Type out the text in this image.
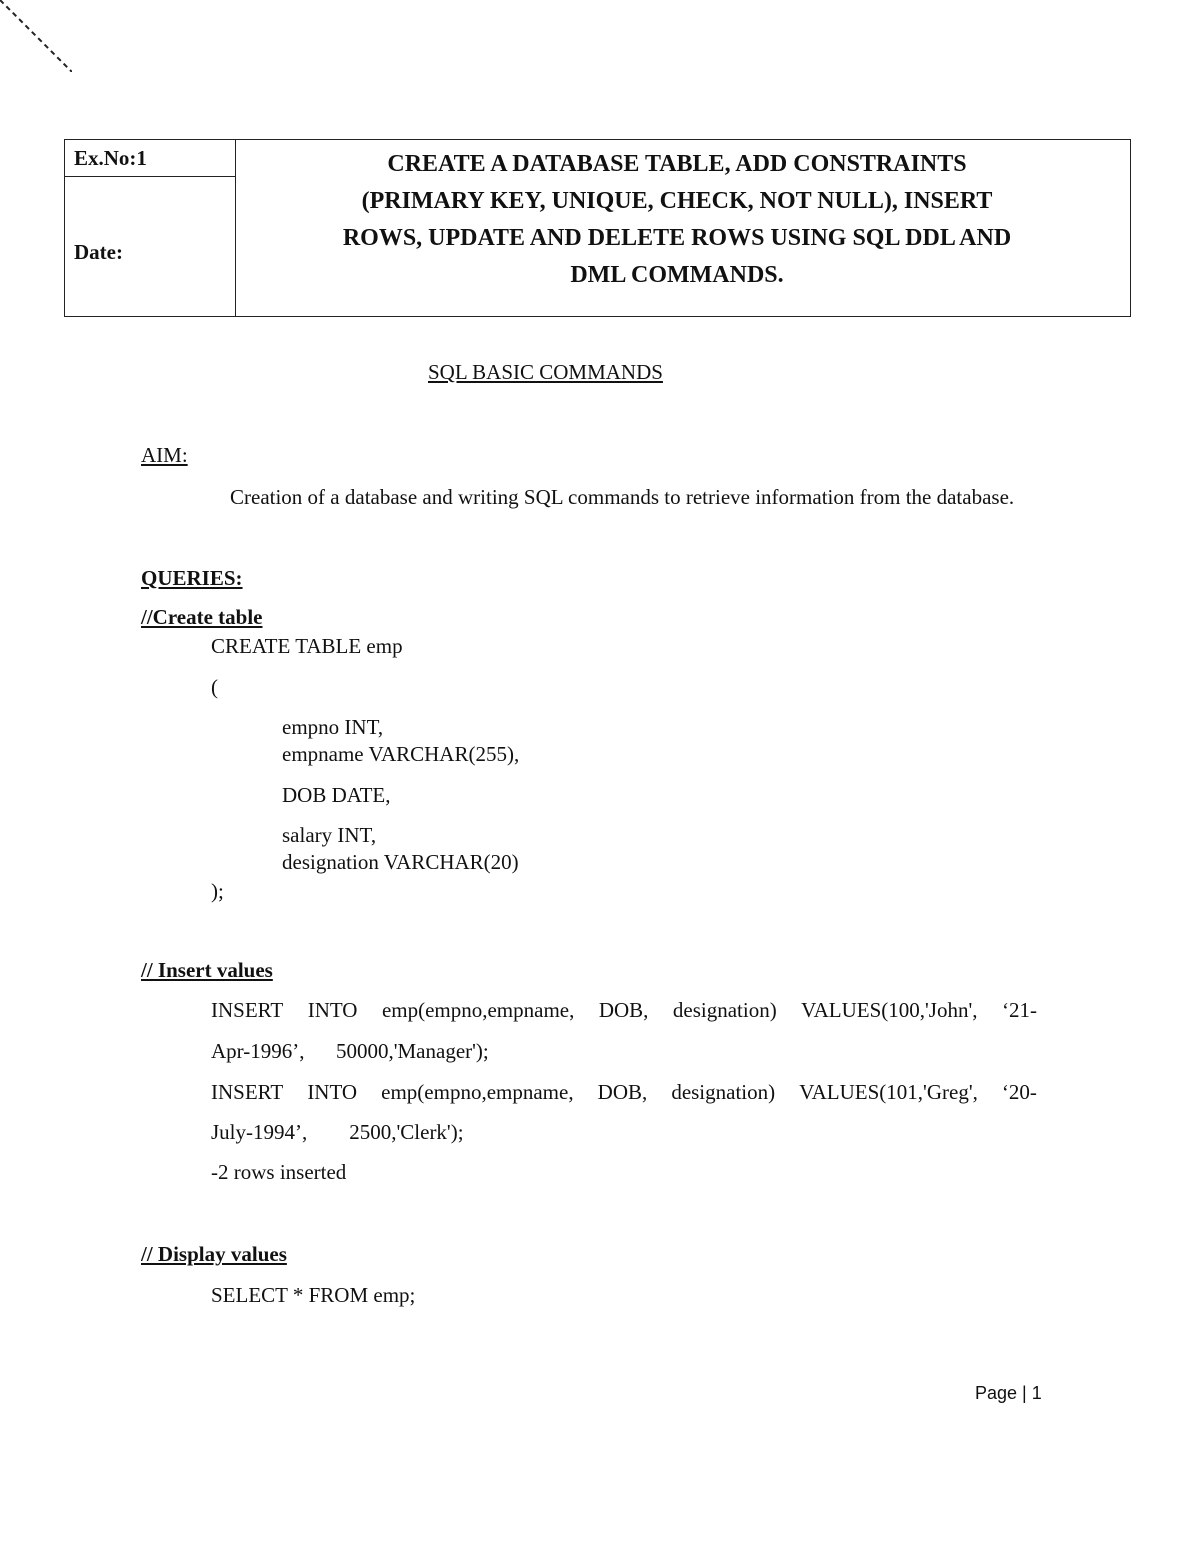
Ex.No:1
Date:
CREATE A DATABASE TABLE, ADD CONSTRAINTS
(PRIMARY KEY, UNIQUE, CHECK, NOT NULL), INSERT
ROWS, UPDATE AND DELETE ROWS USING SQL DDL AND
DML COMMANDS.
SQL BASIC COMMANDS
AIM:
Creation of a database and writing SQL commands to retrieve information from the database.
QUERIES:
//Create table
CREATE TABLE emp
(
empno INT,
empname VARCHAR(255),
DOB DATE,
salary INT,
designation VARCHAR(20)
);
// Insert values
INSERT INTO emp(empno,empname, DOB, designation) VALUES(100,'John', ‘21-
Apr-1996’,      50000,'Manager');
INSERT INTO emp(empno,empname, DOB, designation) VALUES(101,'Greg', ‘20-
July-1994’,        2500,'Clerk');
-2 rows inserted
// Display values
SELECT * FROM emp;
Page | 1
